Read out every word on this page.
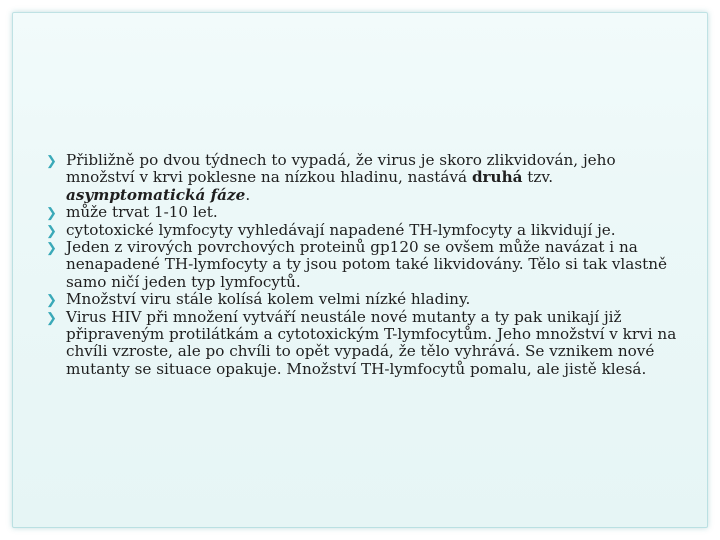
❯ Přibližně po dvou týdnech to vypadá, že virus je skoro zlikvidován, jeho množství v krvi poklesne na nízkou hladinu, nastává druhá tzv. asymptomatická fáze.

❯ může trvat 1-10 let.

❯ cytotoxické lymfocyty vyhledávají napadené TH-lymfocyty a likvidují je.

❯ Jeden z virových povrchových proteinů gp120 se ovšem může navázat i na nenapadené TH-lymfocyty a ty jsou potom také likvidovány. Tělo si tak vlastně samo ničí jeden typ lymfocytů.

❯ Množství viru stále kolísá kolem velmi nízké hladiny.

❯ Virus HIV při množení vytváří neustále nové mutanty a ty pak unikají již připraveným protilátkám a cytotoxickým T-lymfocytům. Jeho množství v krvi na chvíli vzroste, ale po chvíli to opět vypadá, že tělo vyhrává. Se vznikem nové mutanty se situace opakuje. Množství TH-lymfocytů pomalu, ale jistě klesá.
